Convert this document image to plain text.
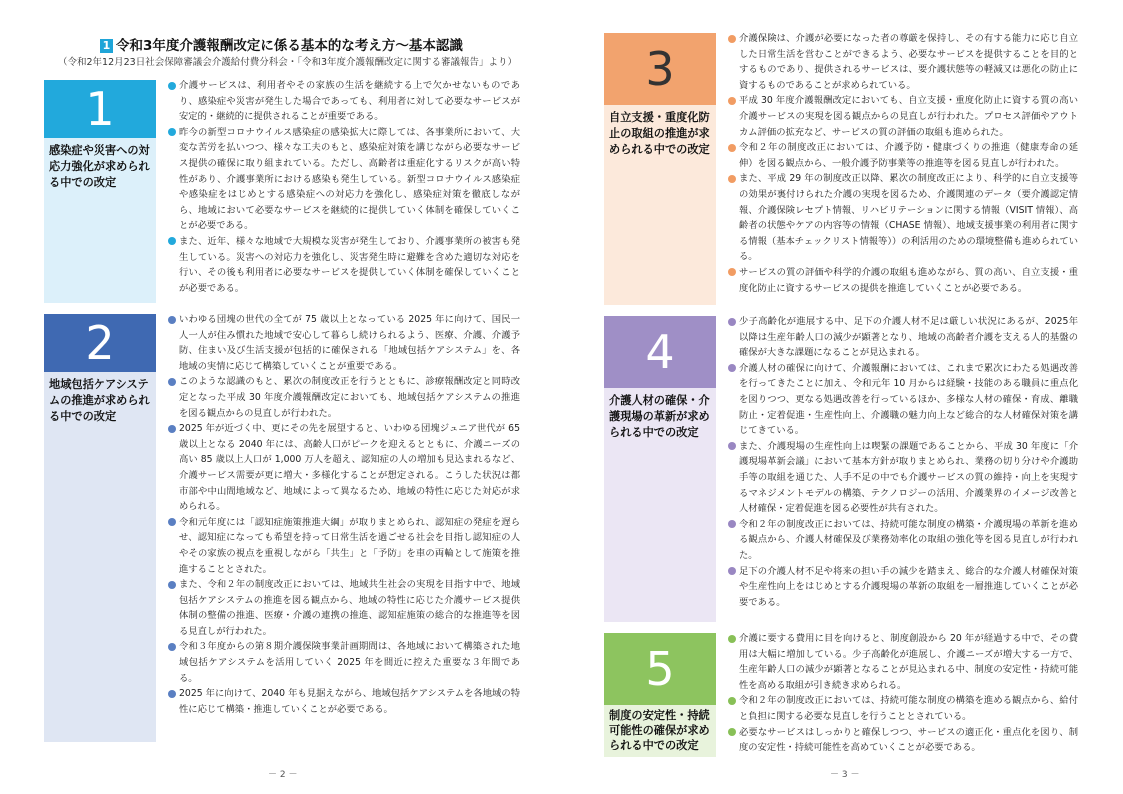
1 令和3年度介護報酬改定に係る基本的な考え方〜基本認識
（令和2年12月23日社会保障審議会介護給付費分科会・「令和3年度介護報酬改定に関する審議報告」より）
1
感染症や災害への対応力強化が求められる中での改定
介護サービスは、利用者やその家族の生活を継続する上で欠かせないものであり、感染症や災害が発生した場合であっても、利用者に対して必要なサービスが安定的・継続的に提供されることが重要である。
昨今の新型コロナウイルス感染症の感染拡大に際しては、各事業所において、大変な苦労を払いつつ、様々な工夫のもと、感染症対策を講じながら必要なサービス提供の確保に取り組まれている。ただし、高齢者は重症化するリスクが高い特性があり、介護事業所における感染も発生している。新型コロナウイルス感染症や感染症をはじめとする感染症への対応力を強化し、感染症対策を徹底しながら、地域において必要なサービスを継続的に提供していく体制を確保していくことが必要である。
また、近年、様々な地域で大規模な災害が発生しており、介護事業所の被害も発生している。災害への対応力を強化し、災害発生時に避難を含めた適切な対応を行い、その後も利用者に必要なサービスを提供していく体制を確保していくことが必要である。
2
地域包括ケアシステムの推進が求められる中での改定
いわゆる団塊の世代の全てが 75 歳以上となっている 2025 年に向けて、国民一人一人が住み慣れた地域で安心して暮らし続けられるよう、医療、介護、介護予防、住まい及び生活支援が包括的に確保される「地域包括ケアシステム」を、各地域の実情に応じて構築していくことが重要である。
このような認識のもと、累次の制度改正を行うとともに、診療報酬改定と同時改定となった平成 30 年度介護報酬改定においても、地域包括ケアシステムの推進を図る観点からの見直しが行われた。
2025 年が近づく中、更にその先を展望すると、いわゆる団塊ジュニア世代が 65 歳以上となる 2040 年には、高齢人口がピークを迎えるとともに、介護ニーズの高い 85 歳以上人口が 1,000 万人を超え、認知症の人の増加も見込まれるなど、介護サービス需要が更に増大・多様化することが想定される。こうした状況は都市部や中山間地域など、地域によって異なるため、地域の特性に応じた対応が求められる。
令和元年度には「認知症施策推進大綱」が取りまとめられ、認知症の発症を遅らせ、認知症になっても希望を持って日常生活を過ごせる社会を目指し認知症の人やその家族の視点を重視しながら「共生」と「予防」を車の両輪として施策を推進することとされた。
また、令和２年の制度改正においては、地域共生社会の実現を目指す中で、地域包括ケアシステムの推進を図る観点から、地域の特性に応じた介護サービス提供体制の整備の推進、医療・介護の連携の推進、認知症施策の総合的な推進等を図る見直しが行われた。
令和３年度からの第８期介護保険事業計画期間は、各地域において構築された地域包括ケアシステムを活用していく 2025 年を間近に控えた重要な３年間である。
2025 年に向けて、2040 年も見据えながら、地域包括ケアシステムを各地域の特性に応じて構築・推進していくことが必要である。
－ 2 －
3
自立支援・重度化防止の取組の推進が求められる中での改定
介護保険は、介護が必要になった者の尊厳を保持し、その有する能力に応じ自立した日常生活を営むことができるよう、必要なサービスを提供することを目的とするものであり、提供されるサービスは、要介護状態等の軽減又は悪化の防止に資するものであることが求められている。
平成 30 年度介護報酬改定においても、自立支援・重度化防止に資する質の高い介護サービスの実現を図る観点からの見直しが行われた。プロセス評価やアウトカム評価の拡充など、サービスの質の評価の取組も進められた。
令和２年の制度改正においては、介護予防・健康づくりの推進（健康寿命の延伸）を図る観点から、一般介護予防事業等の推進等を図る見直しが行われた。
また、平成 29 年の制度改正以降、累次の制度改正により、科学的に自立支援等の効果が裏付けられた介護の実現を図るため、介護関連のデータ（要介護認定情報、介護保険レセプト情報、リハビリテーションに関する情報（VISIT 情報）、高齢者の状態やケアの内容等の情報（CHASE 情報）、地域支援事業の利用者に関する情報（基本チェックリスト情報等））の利活用のための環境整備も進められている。
サービスの質の評価や科学的介護の取組も進めながら、質の高い、自立支援・重度化防止に資するサービスの提供を推進していくことが必要である。
4
介護人材の確保・介護現場の革新が求められる中での改定
少子高齢化が進展する中、足下の介護人材不足は厳しい状況にあるが、2025年以降は生産年齢人口の減少が顕著となり、地域の高齢者介護を支える人的基盤の確保が大きな課題になることが見込まれる。
介護人材の確保に向けて、介護報酬においては、これまで累次にわたる処遇改善を行ってきたことに加え、令和元年 10 月からは経験・技能のある職員に重点化を図りつつ、更なる処遇改善を行っているほか、多様な人材の確保・育成、離職防止・定着促進・生産性向上、介護職の魅力向上など総合的な人材確保対策を講じてきている。
また、介護現場の生産性向上は喫緊の課題であることから、平成 30 年度に「介護現場革新会議」において基本方針が取りまとめられ、業務の切り分けや介護助手等の取組を通じた、人手不足の中でも介護サービスの質の維持・向上を実現するマネジメントモデルの構築、テクノロジーの活用、介護業界のイメージ改善と人材確保・定着促進を図る必要性が共有された。
令和２年の制度改正においては、持続可能な制度の構築・介護現場の革新を進める観点から、介護人材確保及び業務効率化の取組の強化等を図る見直しが行われた。
足下の介護人材不足や将来の担い手の減少を踏まえ、総合的な介護人材確保対策や生産性向上をはじめとする介護現場の革新の取組を一層推進していくことが必要である。
5
制度の安定性・持続可能性の確保が求められる中での改定
介護に要する費用に目を向けると、制度創設から 20 年が経過する中で、その費用は大幅に増加している。少子高齢化が進展し、介護ニーズが増大する一方で、生産年齢人口の減少が顕著となることが見込まれる中、制度の安定性・持続可能性を高める取組が引き続き求められる。
令和２年の制度改正においては、持続可能な制度の構築を進める観点から、給付と負担に関する必要な見直しを行うこととされている。
必要なサービスはしっかりと確保しつつ、サービスの適正化・重点化を図り、制度の安定性・持続可能性を高めていくことが必要である。
－ 3 －
